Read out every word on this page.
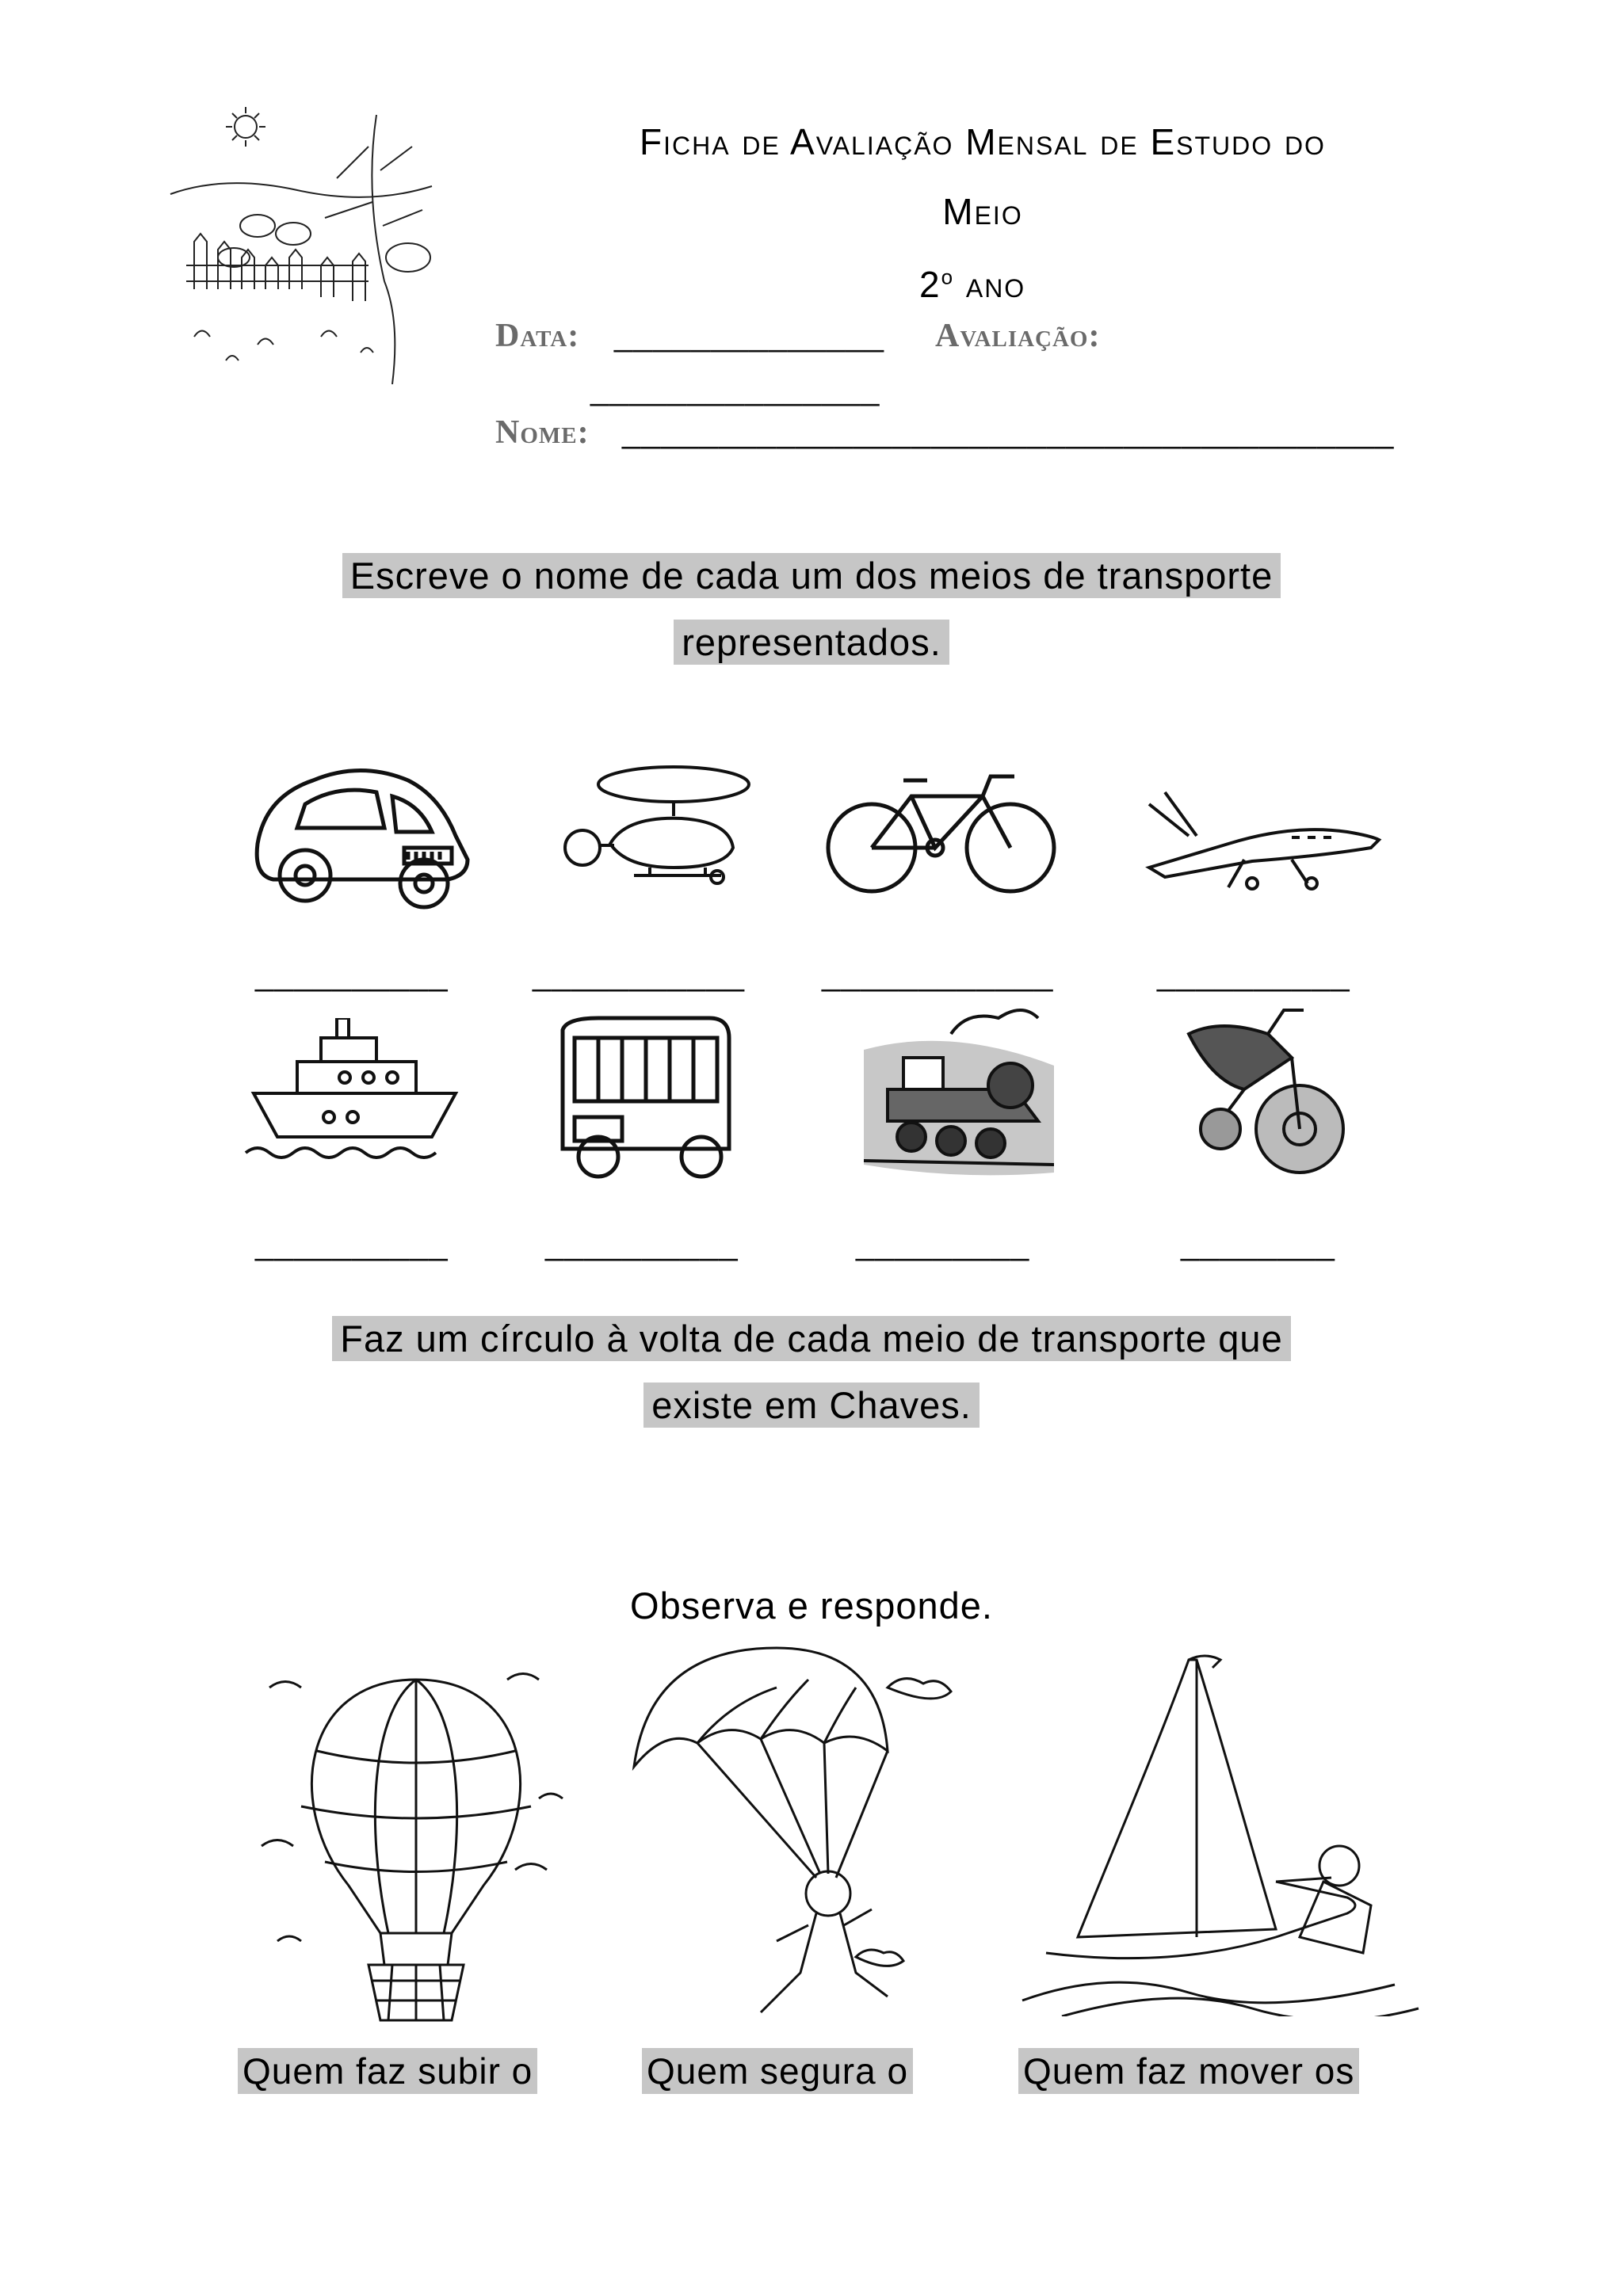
Ficha de Avaliação Mensal de Estudo do
Meio
2$^o$ ano
Data: ______________ Avaliação:
_______________
Nome: ________________________________________
Escreve o nome de cada um dos meios de transporte
representados.
__________	___________ ____________	__________
__________	__________	_________	________
Faz um círculo à volta de cada meio de transporte que
existe em Chaves.
Observa e responde.
Quem faz subir o	Quem segura o	Quem faz mover os
